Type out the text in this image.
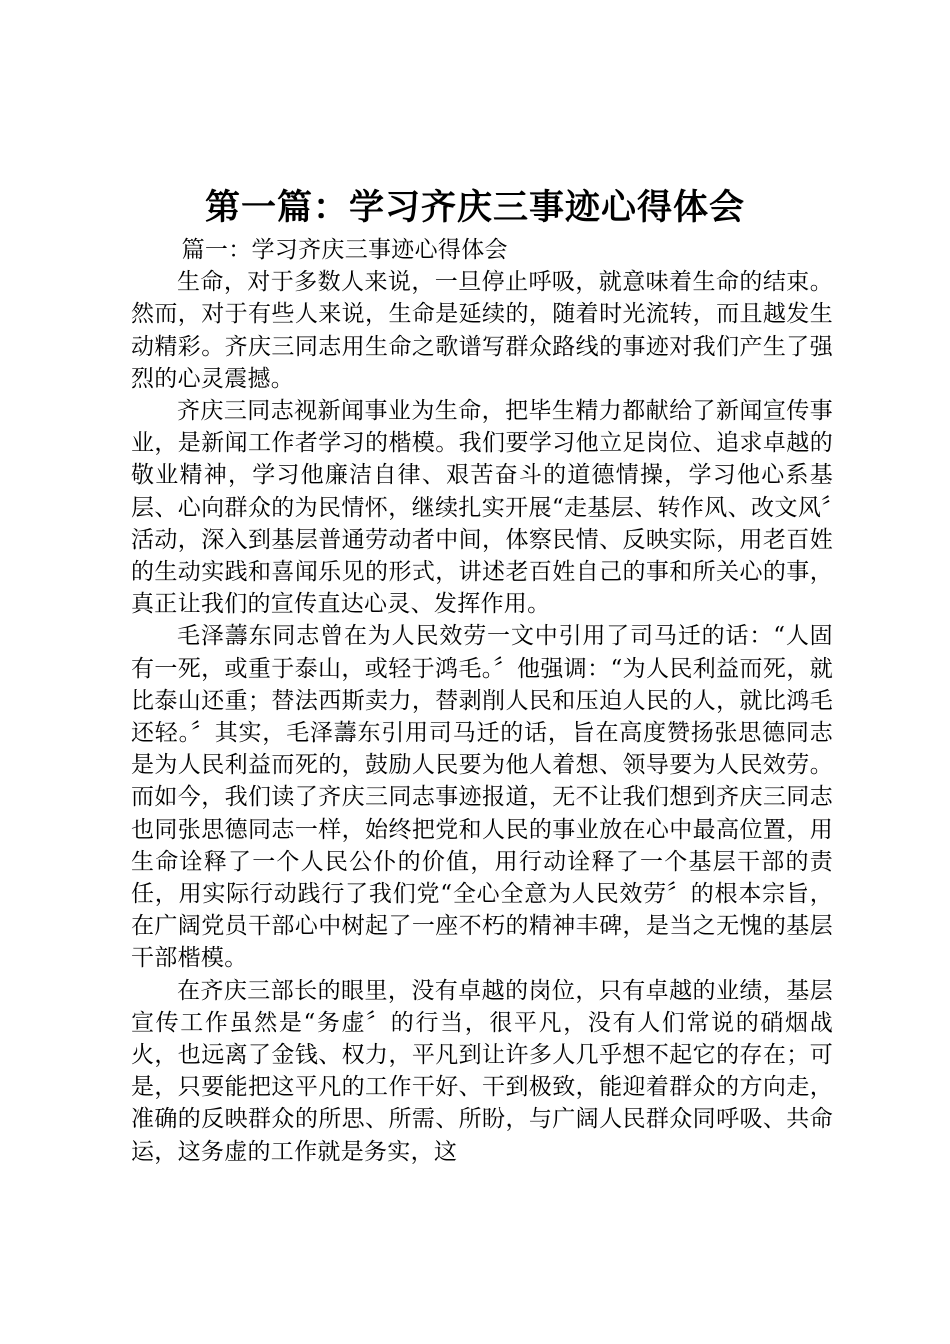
第一篇：学习齐庆三事迹心得体会

篇一：学习齐庆三事迹心得体会

生命，对于多数人来说，一旦停止呼吸，就意味着生命的结束。然而，对于有些人来说，生命是延续的，随着时光流转，而且越发生动精彩。齐庆三同志用生命之歌谱写群众路线的事迹对我们产生了强烈的心灵震撼。

齐庆三同志视新闻事业为生命，把毕生精力都献给了新闻宣传事业，是新闻工作者学习的楷模。我们要学习他立足岗位、追求卓越的敬业精神，学习他廉洁自律、艰苦奋斗的道德情操，学习他心系基层、心向群众的为民情怀，继续扎实开展“走基层、转作风、改文风〞活动，深入到基层普通劳动者中间，体察民情、反映实际，用老百姓的生动实践和喜闻乐见的形式，讲述老百姓自己的事和所关心的事，真正让我们的宣传直达心灵、发挥作用。

毛泽薵东同志曾在为人民效劳一文中引用了司马迁的话：“人固有一死，或重于泰山，或轻于鸿毛。〞他强调：“为人民利益而死，就比泰山还重；替法西斯卖力，替剥削人民和压迫人民的人，就比鸿毛还轻。〞其实，毛泽薵东引用司马迁的话，旨在高度赞扬张思德同志是为人民利益而死的，鼓励人民要为他人着想、领导要为人民效劳。而如今，我们读了齐庆三同志事迹报道，无不让我们想到齐庆三同志也同张思德同志一样，始终把党和人民的事业放在心中最高位置，用生命诠释了一个人民公仆的价值，用行动诠释了一个基层干部的责任，用实际行动践行了我们党“全心全意为人民效劳〞的根本宗旨，在广阔党员干部心中树起了一座不朽的精神丰碑，是当之无愧的基层干部楷模。

在齐庆三部长的眼里，没有卓越的岗位，只有卓越的业绩，基层宣传工作虽然是“务虚〞的行当，很平凡，没有人们常说的硝烟战火，也远离了金钱、权力，平凡到让许多人几乎想不起它的存在；可是，只要能把这平凡的工作干好、干到极致，能迎着群众的方向走，准确的反映群众的所思、所需、所盼，与广阔人民群众同呼吸、共命运，这务虚的工作就是务实，这
